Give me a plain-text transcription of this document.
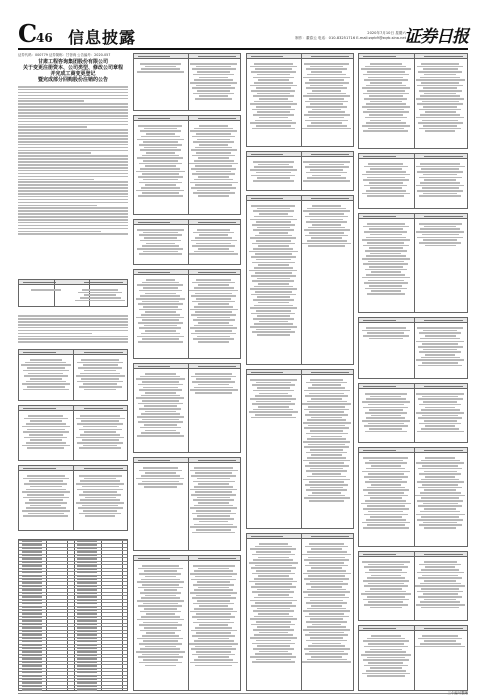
C
46 信息披露	2020年7月10日 星期六
制作：董春云 电话：010-83251716 E-mail:zqrb9@zqrb.sina.net
证券日报
证券代码：000779 证券简称：甘咨询 公告编号：2020-057
甘肃工程咨询集团股份有限公司
关于变更注册资本、公司类型、修改公司章程
并完成工商变更登记
暨完成部分回购股份注销的公告
三个编号整理
